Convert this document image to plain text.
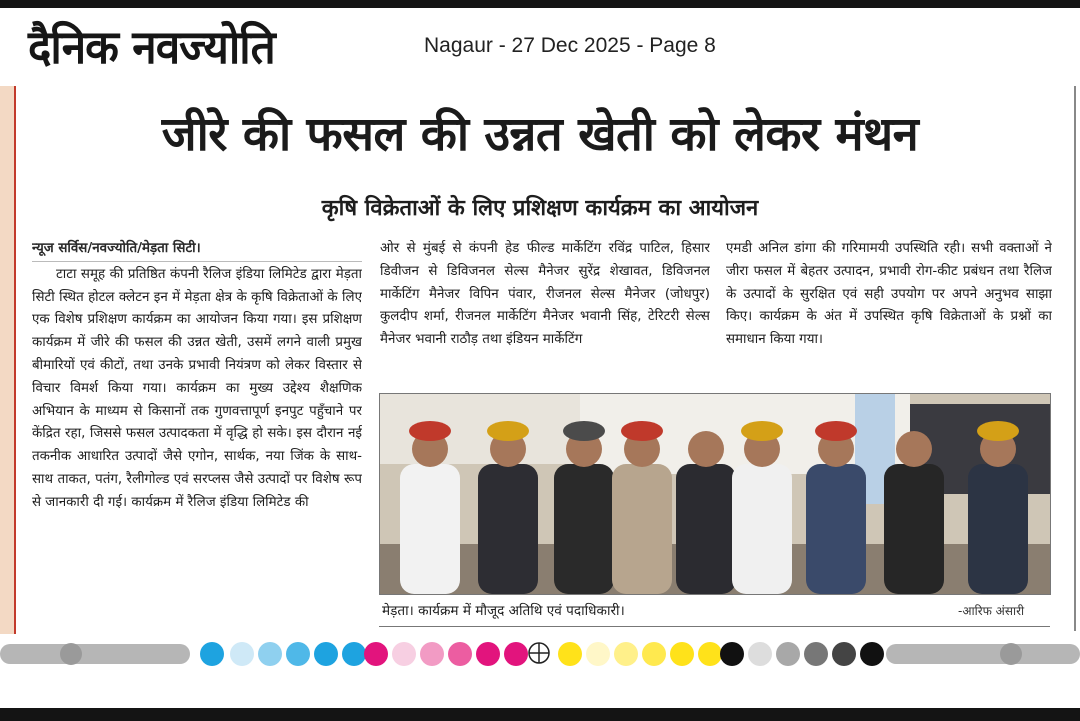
दैनिक नवज्योति	Nagaur - 27 Dec 2025 - Page 8
जीरे की फसल की उन्नत खेती को लेकर मंथन
कृषि विक्रेताओं के लिए प्रशिक्षण कार्यक्रम का आयोजन
न्यूज सर्विस/नवज्योति/मेड़ता सिटी।
टाटा समूह की प्रतिष्ठित कंपनी रैलिज इंडिया लिमिटेड द्वारा मेड़ता सिटी स्थित होटल क्लेटन इन में मेड़ता क्षेत्र के कृषि विक्रेताओं के लिए एक विशेष प्रशिक्षण कार्यक्रम का आयोजन किया गया। इस प्रशिक्षण कार्यक्रम में जीरे की फसल की उन्नत खेती, उसमें लगने वाली प्रमुख बीमारियों एवं कीटों, तथा उनके प्रभावी नियंत्रण को लेकर विस्तार से विचार विमर्श किया गया। कार्यक्रम का मुख्य उद्देश्य शैक्षणिक अभियान के माध्यम से किसानों तक गुणवत्तापूर्ण इनपुट पहुँचाने पर केंद्रित रहा, जिससे फसल उत्पादकता में वृद्धि हो सके। इस दौरान नई तकनीक आधारित उत्पादों जैसे एगोन, सार्थक, नया जिंक के साथ-साथ ताकत, पतंग, रैलीगोल्ड एवं सरप्लस जैसे उत्पादों पर विशेष रूप से जानकारी दी गई। कार्यक्रम में रैलिज इंडिया लिमिटेड की
ओर से मुंबई से कंपनी हेड फील्ड मार्केटिंग रविंद्र पाटिल, हिसार डिवीजन से डिविजनल सेल्स मैनेजर सुरेंद्र शेखावत, डिविजनल मार्केटिंग मैनेजर विपिन पंवार, रीजनल सेल्स मैनेजर (जोधपुर) कुलदीप शर्मा, रीजनल मार्केटिंग मैनेजर भवानी सिंह, टेरिटरी सेल्स मैनेजर भवानी राठौड़ तथा इंडियन मार्केटिंग
एमडी अनिल डांगा की गरिमामयी उपस्थिति रही। सभी वक्ताओं ने जीरा फसल में बेहतर उत्पादन, प्रभावी रोग-कीट प्रबंधन तथा रैलिज के उत्पादों के सुरक्षित एवं सही उपयोग पर अपने अनुभव साझा किए। कार्यक्रम के अंत में उपस्थित कृषि विक्रेताओं के प्रश्नों का समाधान किया गया।
मेड़ता। कार्यक्रम में मौजूद अतिथि एवं पदाधिकारी।	-आरिफ अंसारी
